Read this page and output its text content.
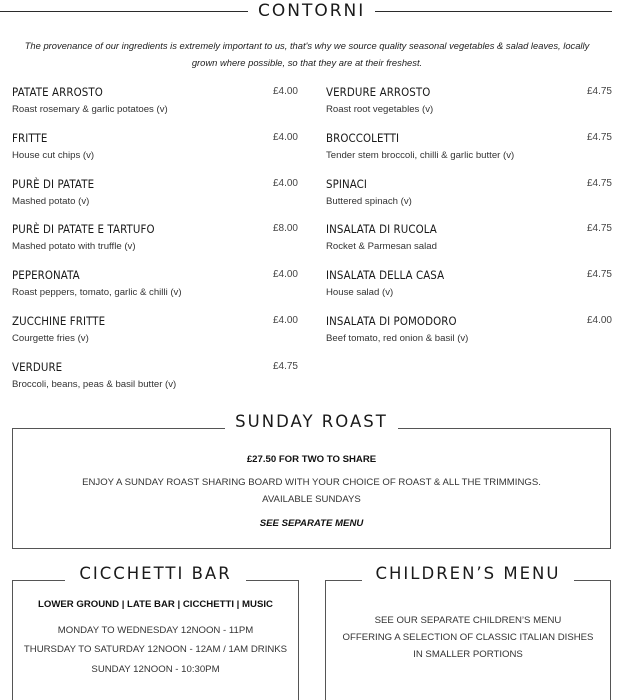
CONTORNI
The provenance of our ingredients is extremely important to us, that's why we source quality seasonal vegetables & salad leaves, locally
grown where possible, so that they are at their freshest.
PATATE ARROSTO	£4.00
Roast rosemary & garlic potatoes (v)
FRITTE	£4.00
House cut chips (v)
PURÈ DI PATATE	£4.00
Mashed potato (v)
PURÈ DI PATATE E TARTUFO	£8.00
Mashed potato with truffle (v)
PEPERONATA	£4.00
Roast peppers, tomato, garlic & chilli (v)
ZUCCHINE FRITTE	£4.00
Courgette fries (v)
VERDURE	£4.75
Broccoli, beans, peas & basil butter (v)
VERDURE ARROSTO	£4.75
Roast root vegetables (v)
BROCCOLETTI	£4.75
Tender stem broccoli, chilli & garlic butter (v)
SPINACI	£4.75
Buttered spinach (v)
INSALATA DI RUCOLA	£4.75
Rocket & Parmesan salad
INSALATA DELLA CASA	£4.75
House salad (v)
INSALATA DI POMODORO	£4.00
Beef tomato, red onion & basil (v)
SUNDAY ROAST
£27.50 FOR TWO TO SHARE
ENJOY A SUNDAY ROAST SHARING BOARD WITH YOUR CHOICE OF ROAST & ALL THE TRIMMINGS.
AVAILABLE SUNDAYS
SEE SEPARATE MENU
CICCHETTI BAR
LOWER GROUND | LATE BAR | CICCHETTI | MUSIC
MONDAY TO WEDNESDAY 12NOON - 11PM
THURSDAY TO SATURDAY 12NOON - 12AM / 1AM DRINKS
SUNDAY 12NOON - 10:30PM
CHILDREN’S MENU
SEE OUR SEPARATE CHILDREN’S MENU
OFFERING A SELECTION OF CLASSIC ITALIAN DISHES
IN SMALLER PORTIONS
